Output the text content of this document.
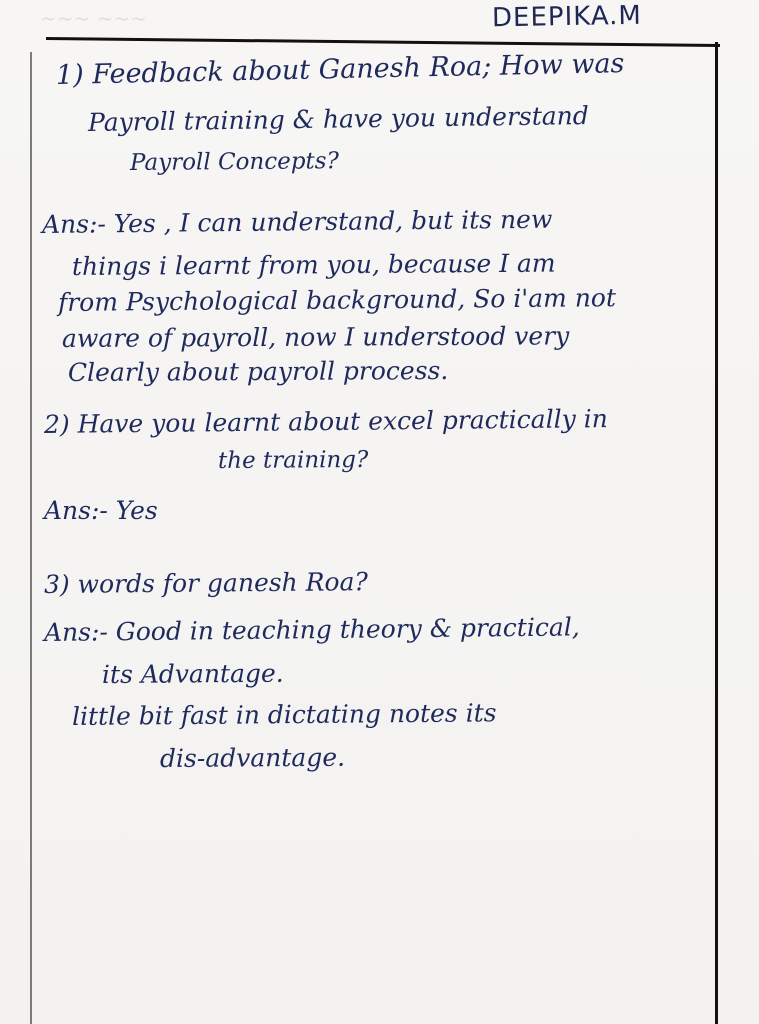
~~~ ~~~	DEEPIKA.M
1) Feedback about Ganesh Roa; How was
Payroll training & have you understand
Payroll Concepts?
Ans:- Yes , I can understand, but its new
things i learnt from you, because I am
from Psychological background, So i'am not
aware of payroll, now I understood very
Clearly about payroll process.
2) Have you learnt about excel practically in
the training?
Ans:- Yes
3) words for ganesh Roa?
Ans:- Good in teaching theory & practical,
its Advantage.
little bit fast in dictating notes its
dis-advantage.
